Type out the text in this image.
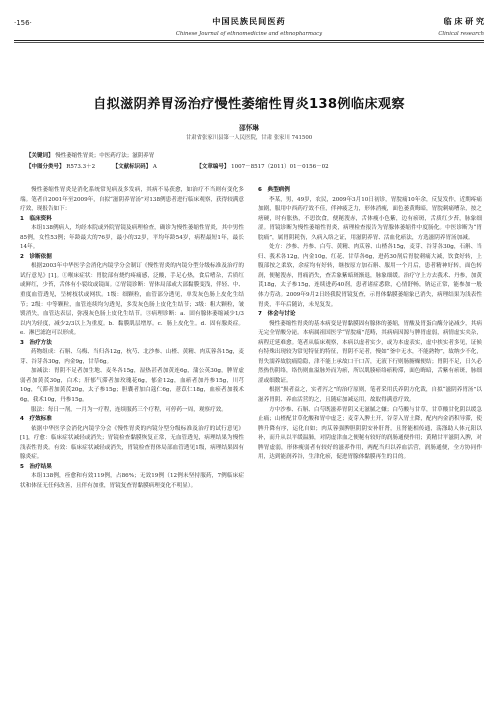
·156·	中国民族民间医药
Chinese Journal of ethnomedicine and ethnopharmacy
临 床 研 究
Clinical research
自拟滋阴养胃汤治疗慢性萎缩性胃炎138例临床观察
邵怀琳
甘肃省张家川县第一人民医院，甘肃 张家川 741500
【关键词】 慢性萎缩性胃炎；中医药疗法；滋阴养胃
【中图分类号】 R573.3＋2	【文献标识码】 A	【文章编号】 1007－8517（2011）01－0156－02

慢性萎缩性胃炎是消化系统常见病及多发病，其病不易获愈，如治疗不当则有变化多端。笔者自2001年至2009年，自拟“滋阴养胃汤”对138例患者进行临床观察，获得较满意疗效，现报告如下：

1　临床资料

本组138例病人，均经本院或外院胃镜及病理检查，确诊为慢性萎缩性胃炎，其中男性85例，女性53例；年龄最大的76岁，最小的32岁，平均年龄54岁，病程最短1年，最长14年。

2　诊断依据

根据2003年中华医学会消化内镜学分会制订《慢性胃炎的内镜分型分级标准及治疗的试行意见》[1]。①喉床症状：胃脘部有烧灼疼痛感，泛酸，手足心热，食后嗜杂，舌质红或鲜红，少苔，舌体有小裂纹或镜面。②胃镜诊断：胃体局部或大部黏膜变浅，伴轻、中、重度血管透见，呈树枝状或网状。1级：细颗粒，血管部分透见，单发灰色肠上皮化生结节；2级：中等颗粒，血管连续均匀透见，多发灰色肠上皮化生结节；3级：粗大颗粒，皱襞消失，血管达表层，弥漫灰色肠上皮化生结节。③病理诊断：a．固有腺体萎缩减少1/3以内为轻度，减少2/3以上为重度。b．黏膜肌层增厚。c．肠上皮化生。d．固有腺炎症。e．淋巴滤泡可以形成。

3　治疗方法

药物组成：石斛、乌梅、当归各12g，杭芍、北沙参、山楂、黄精、肉苁蓉各15g，麦芽、谷芽各30g，内金9g，甘草6g。

加减法：胃阴不足者加生地、麦冬各15g，湿热甚者加黄连6g，蒲公英30g，脾胃虚弱者加黄芪30g，白术；肝郁气滞者加玫瑰花6g，郁金12g，血瘀者加丹参15g，川芎10g，气滞者加黄芪20g，太子参15g；胆囊者加白蔻仁6g，薏苡仁18g，血瘀者加莪术6g，我术10g，丹参15g。

服法：每日一剂，一月为一疗程，连续服药三个疗程，可停药一周，观察疗效。

4　疗效标准

依据中华医学会消化内镜学分会《慢性胃炎的内镜分型分级标准及治疗的试行意见》[1]，疗愈：临床症状减轻或消失；胃镜检查黏膜恢复正常，无血管透见，病理结果为慢性浅表性胃炎。有效：临床症状减轻或消失，胃镜检查胃体局部血管透见1级，病理结果固有腺炎症。

5　治疗结果

本组138例，痊愈和有效119例，占86%；无效19例（12例未坚持服药，7例临床症状和体征无任何改善，且伴有加重，胃镜复查胃黏膜病理变化不明显）。

6　典型病例

李某，男，49岁，农民，2009年3月10日初诊，胃脘痛10年余，反复发作，近期疼痛加剧，服用中西药疗效不佳，伴神疲乏力，形体消瘦，面色萎黄晦暗，胃脘刺痛嘈杂，按之痞硬，时有胀热，不思饮食，便秘溲赤，舌体瘦小色紫，边有瘀斑，舌质红少苔，脉象细涩。胃镜诊断为慢性萎缩性胃炎，病理检查报告为胃腺体萎缩件中度肠化。中医诊断为“胃脘痛”，属胃阴耗伤，久病入络之证，用滋阴养胃、活血化瘀法，方选滋阴养胃汤加减。

处方：沙参、丹参、白芍、黄精、肉苁蓉、山楂各15g，麦芽、谷芽各30g，石斛、当归、莪术各12g，内金10g，红花、甘草各6g，进药30剂后胃脘刺痛大减，饮食好转，上腹部按之柔软，余症均有好转，继按原方加石斛、服用一个月后，患者精神好转，面色转润，便秘溲赤，胃痛消失，查舌象紫暗斑渐退，脉象细缓。治疗守上方去莪术、丹参，加黄芪18g，太子参15g，连续进药40剂，患者诸症悉除，心情舒畅，钠运正常，能参加一般体力劳动。2009年9月2日经我院胃镜复查，示胃体黏膜萎缩象已消失，病理结果为浅表性胃炎，半年后随访，未见复发。

7　体会与讨论

慢性萎缩性胃炎的基本病变是胃黏膜固有腺体的萎缩，胃酸及胃蛋白酶分泌减少，其病无完全胃酸分泌。本病属祖国医学“胃脘痛”范畴，其病病因源与脾胃虚弱，病情虚实夹杂，病程迁延难愈。笔者从临床观察，本病以虚者实少，或为本虚表实，虚中挟实者多见，证候有特殊出现较为常见特征的特征，胃阴不足者，慢如“釜中无水，不能熟物”，故纳少不化，胃失濡养故脘痛隐隐，津不能上承故口干口苦，无液下行则肠腑燥便结；胃阴不足，日久必然热伤阴络，络伤则血溢脉外而为瘀，所以肌腠瘀络瘀粉滞，面色晦暗，舌紫有瘀斑，脉细涩或细数证。

根据“损者益之，实者泻之”的治疗原则，笔者采用氏养阴方化裁，自拟“滋阴养胃汤”以滋养胃阴、养血活营的之，且随症加减运用，故取得满意疗效。

方中沙参、石斛、白芍既滋养胃阴又无滋腻之嫌；白芍酸与甘草，甘草酸甘化阴以缓急止痛；山楂配甘草化酸和胃中虚乏；麦芽入脾土开，谷芽入胃土降，配内内金消积导滞，使脾升降有序，运化自如；肉苁蓉强脾胆阴阴安补肝肾，且肾能相传通，荡涤助人体元阳以补，而升从以平缓温肺，对阴虚津血之便秘有较好的润肠通便作用；黄精甘平滋阴入脾，对脾胃虚弱，形体瘦弱者有较好的滋养作用，两配当归以养血活营，润肠通便，全方协同作用，达到能润养谷，生津化瘀，促进胃腺体黏膜再生的目的。
